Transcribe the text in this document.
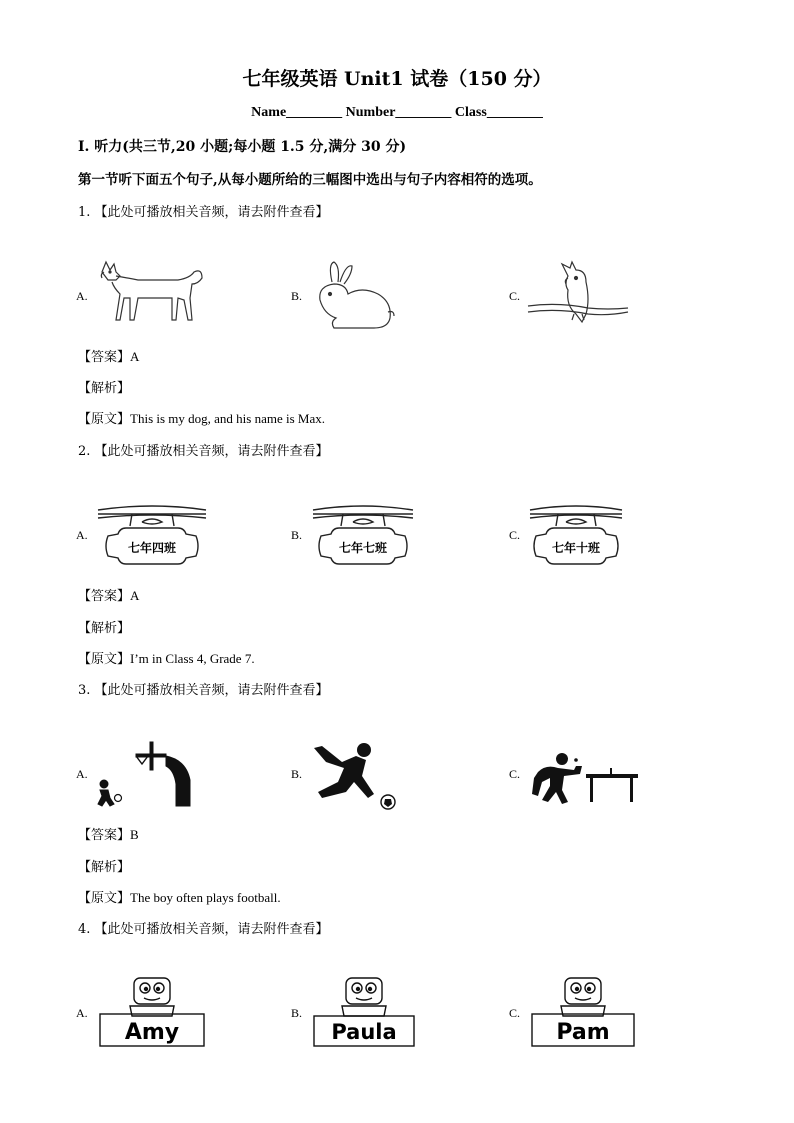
七年级英语 Unit1 试卷（150 分）
Name________ Number________ Class________
I. 听力(共三节,20 小题;每小题 1.5 分,满分 30 分)
第一节听下面五个句子,从每小题所给的三幅图中选出与句子内容相符的选项。
1. 【此处可播放相关音频，请去附件查看】
A.	B.	C.
【答案】A
【解析】
【原文】This is my dog, and his name is Max.
2. 【此处可播放相关音频，请去附件查看】
A.
七年四班
B.
七年七班
C.
七年十班
【答案】A
【解析】
【原文】I’m in Class 4, Grade 7.
3. 【此处可播放相关音频，请去附件查看】
A.	B.	C.
【答案】B
【解析】
【原文】The boy often plays football.
4. 【此处可播放相关音频，请去附件查看】
A.
Amy
B.
Paula
C.
Pam
